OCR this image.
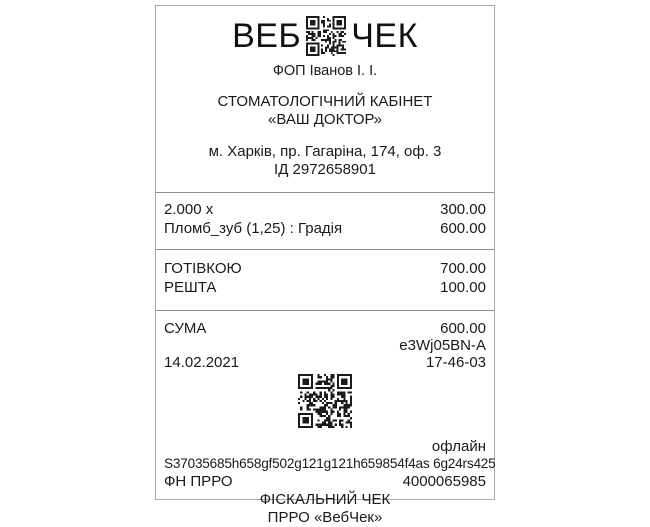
ВЕБ ЧЕК
ФОП Іванов І. І.
СТОМАТОЛОГІЧНИЙ КАБІНЕТ
«ВАШ ДОКТОР»
м. Харків, пр. Гагаріна, 174, оф. 3
ІД 2972658901
2.000 x	300.00
Пломб_зуб (1,25) : Градія	600.00
ГОТІВКОЮ	700.00
РЕШТА	100.00
СУМА	600.00
e3Wj05BN-A
14.02.2021	17-46-03
офлайн
S37035685h658gf502g121g121h659854f4as 6g24rs425
ФН ПРРО	4000065985
ФІСКАЛЬНИЙ ЧЕК
ПРРО «ВебЧек»
